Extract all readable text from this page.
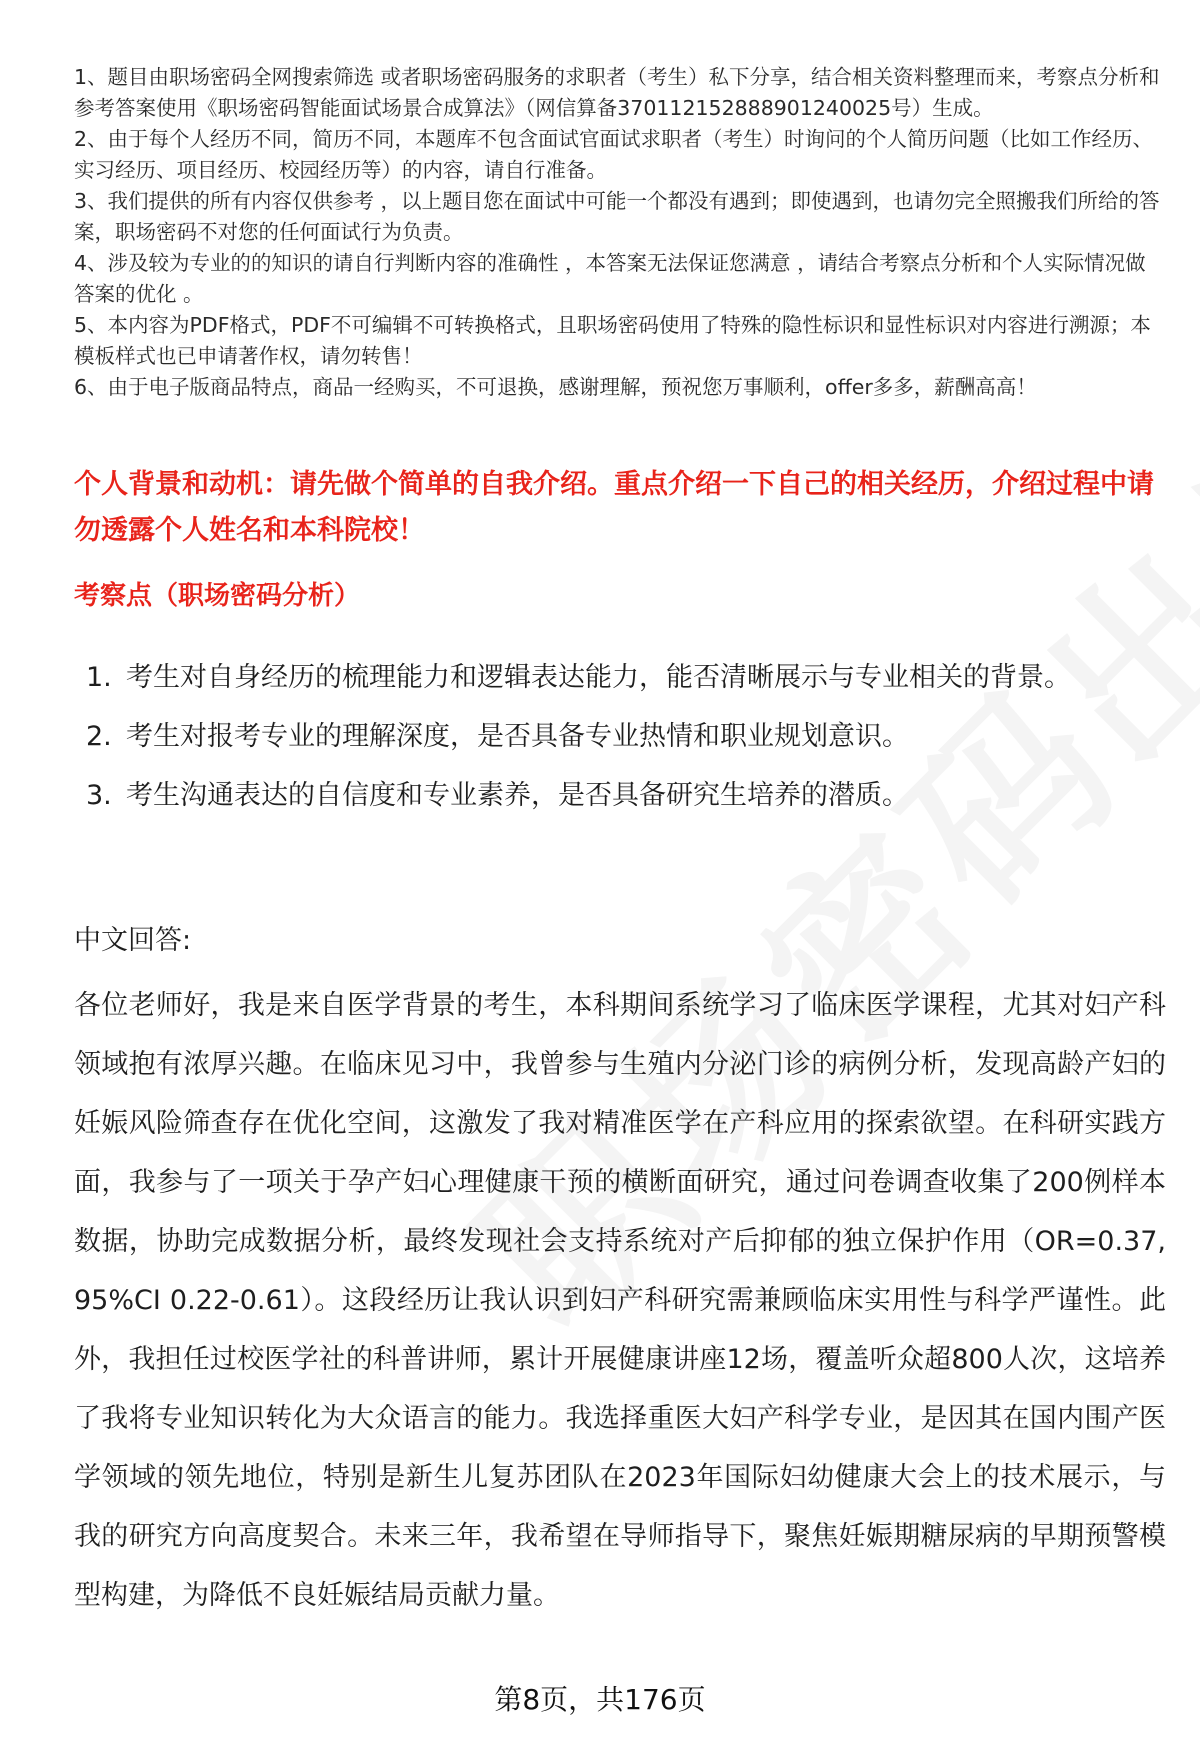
1、题目由职场密码全网搜索筛选 或者职场密码服务的求职者（考生）私下分享，结合相关资料整理而来，考察点分析和参考答案使用《职场密码智能面试场景合成算法》（网信算备370112152888901240025号）生成。

2、由于每个人经历不同，简历不同，本题库不包含面试官面试求职者（考生）时询问的个人简历问题（比如工作经历、实习经历、项目经历、校园经历等）的内容，请自行准备。

3、我们提供的所有内容仅供参考 ，以上题目您在面试中可能一个都没有遇到；即使遇到，也请勿完全照搬我们所给的答案，职场密码不对您的任何面试行为负责。

4、涉及较为专业的的知识的请自行判断内容的准确性 ，本答案无法保证您满意 ，请结合考察点分析和个人实际情况做答案的优化 。

5、本内容为PDF格式，PDF不可编辑不可转换格式，且职场密码使用了特殊的隐性标识和显性标识对内容进行溯源；本模板样式也已申请著作权，请勿转售！

6、由于电子版商品特点，商品一经购买，不可退换，感谢理解，预祝您万事顺利，offer多多，薪酬高高！

个人背景和动机：请先做个简单的自我介绍。重点介绍一下自己的相关经历，介绍过程中请勿透露个人姓名和本科院校！

考察点（职场密码分析）

1. 考生对自身经历的梳理能力和逻辑表达能力，能否清晰展示与专业相关的背景。
2. 考生对报考专业的理解深度，是否具备专业热情和职业规划意识。
3. 考生沟通表达的自信度和专业素养，是否具备研究生培养的潜质。

中文回答:

各位老师好，我是来自医学背景的考生，本科期间系统学习了临床医学课程，尤其对妇产科领域抱有浓厚兴趣。在临床见习中，我曾参与生殖内分泌门诊的病例分析，发现高龄产妇的妊娠风险筛查存在优化空间，这激发了我对精准医学在产科应用的探索欲望。在科研实践方面，我参与了一项关于孕产妇心理健康干预的横断面研究，通过问卷调查收集了200例样本数据，协助完成数据分析，最终发现社会支持系统对产后抑郁的独立保护作用（OR=0.37, 95%CI 0.22-0.61）。这段经历让我认识到妇产科研究需兼顾临床实用性与科学严谨性。此外，我担任过校医学社的科普讲师，累计开展健康讲座12场，覆盖听众超800人次，这培养了我将专业知识转化为大众语言的能力。我选择重医大妇产科学专业，是因其在国内围产医学领域的领先地位，特别是新生儿复苏团队在2023年国际妇幼健康大会上的技术展示，与我的研究方向高度契合。未来三年，我希望在导师指导下，聚焦妊娠期糖尿病的早期预警模型构建，为降低不良妊娠结局贡献力量。

第8页，共176页
